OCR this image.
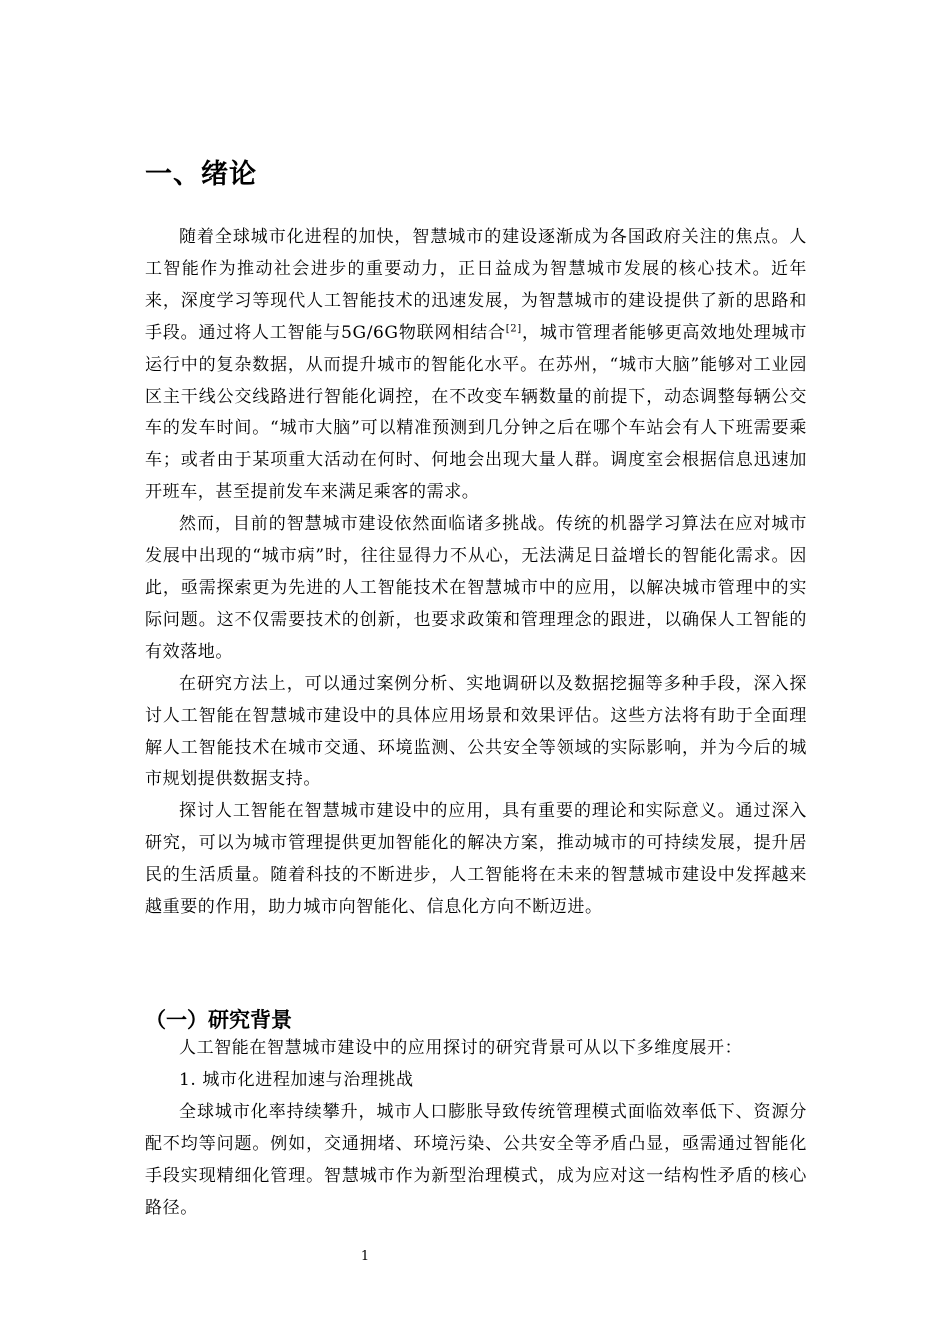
一、绪论

随着全球城市化进程的加快，智慧城市的建设逐渐成为各国政府关注的焦点。人工智能作为推动社会进步的重要动力，正日益成为智慧城市发展的核心技术。近年来，深度学习等现代人工智能技术的迅速发展，为智慧城市的建设提供了新的思路和手段。通过将人工智能与5G/6G物联网相结合[2]，城市管理者能够更高效地处理城市运行中的复杂数据，从而提升城市的智能化水平。在苏州，“城市大脑”能够对工业园区主干线公交线路进行智能化调控，在不改变车辆数量的前提下，动态调整每辆公交车的发车时间。“城市大脑”可以精准预测到几分钟之后在哪个车站会有人下班需要乘车；或者由于某项重大活动在何时、何地会出现大量人群。调度室会根据信息迅速加开班车，甚至提前发车来满足乘客的需求。

然而，目前的智慧城市建设依然面临诸多挑战。传统的机器学习算法在应对城市发展中出现的“城市病”时，往往显得力不从心，无法满足日益增长的智能化需求。因此，亟需探索更为先进的人工智能技术在智慧城市中的应用，以解决城市管理中的实际问题。这不仅需要技术的创新，也要求政策和管理理念的跟进，以确保人工智能的有效落地。

在研究方法上，可以通过案例分析、实地调研以及数据挖掘等多种手段，深入探讨人工智能在智慧城市建设中的具体应用场景和效果评估。这些方法将有助于全面理解人工智能技术在城市交通、环境监测、公共安全等领域的实际影响，并为今后的城市规划提供数据支持。

探讨人工智能在智慧城市建设中的应用，具有重要的理论和实际意义。通过深入研究，可以为城市管理提供更加智能化的解决方案，推动城市的可持续发展，提升居民的生活质量。随着科技的不断进步，人工智能将在未来的智慧城市建设中发挥越来越重要的作用，助力城市向智能化、信息化方向不断迈进。

（一）研究背景

人工智能在智慧城市建设中的应用探讨的研究背景可从以下多维度展开：

1. 城市化进程加速与治理挑战

全球城市化率持续攀升，城市人口膨胀导致传统管理模式面临效率低下、资源分配不均等问题。例如，交通拥堵、环境污染、公共安全等矛盾凸显，亟需通过智能化手段实现精细化管理。智慧城市作为新型治理模式，成为应对这一结构性矛盾的核心路径。

1
